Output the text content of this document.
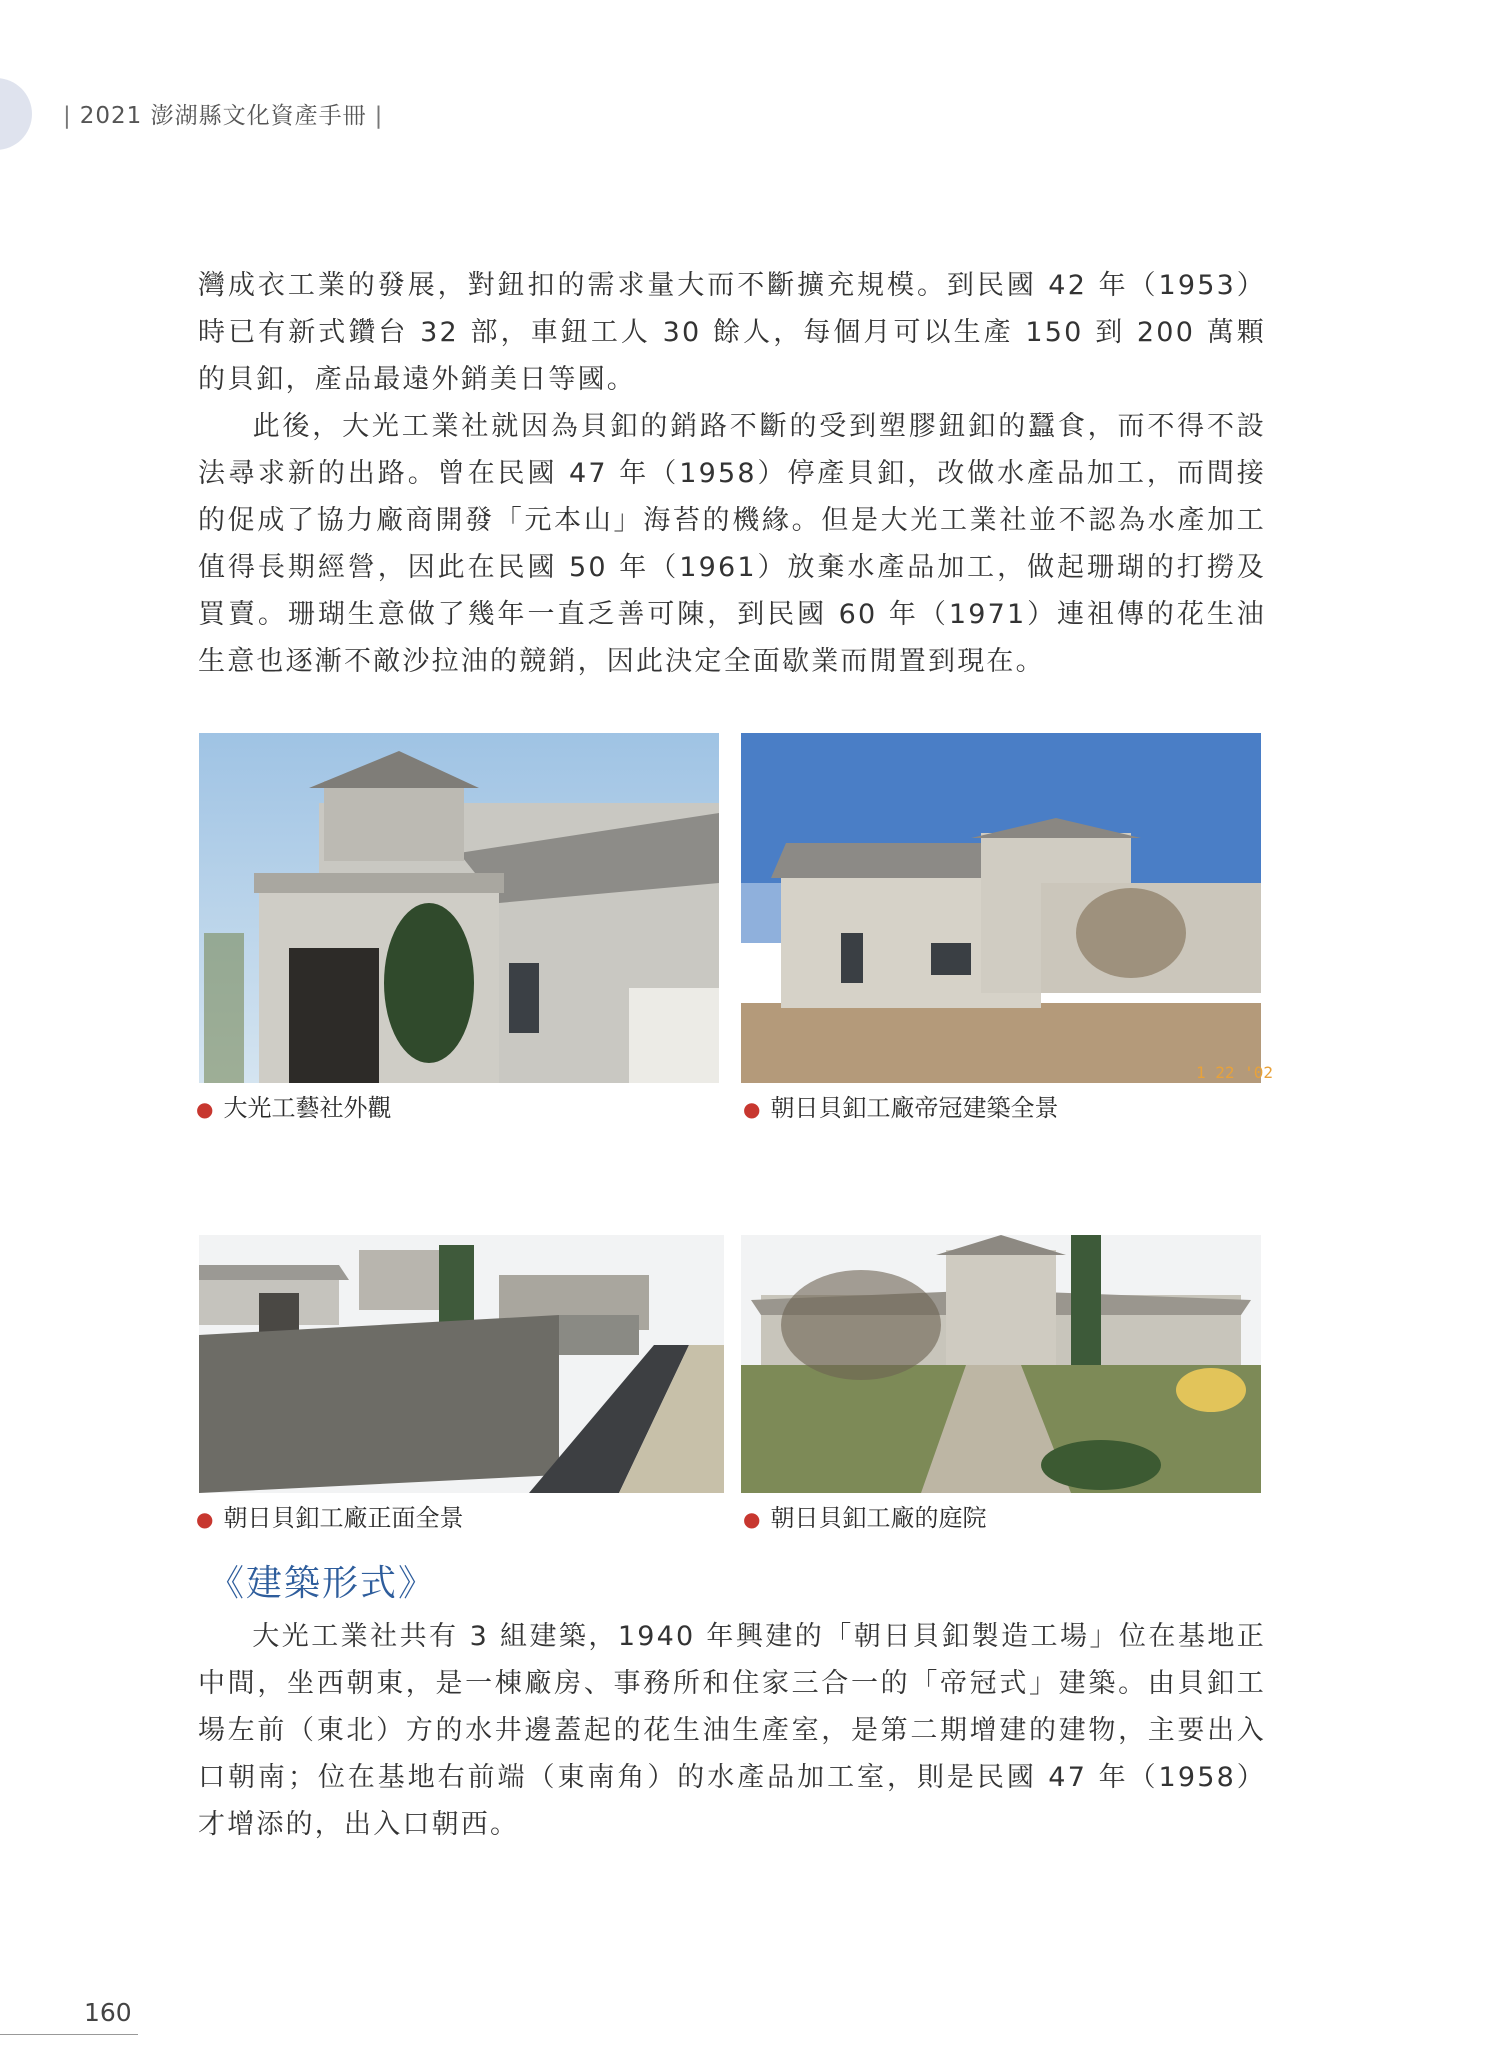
| 2021 澎湖縣文化資產手冊 |

灣成衣工業的發展，對鈕扣的需求量大而不斷擴充規模。到民國 42 年（1953）時已有新式鑽台 32 部，車鈕工人 30 餘人，每個月可以生產 150 到 200 萬顆的貝釦，產品最遠外銷美日等國。

此後，大光工業社就因為貝釦的銷路不斷的受到塑膠鈕釦的蠶食，而不得不設法尋求新的出路。曾在民國 47 年（1958）停產貝釦，改做水產品加工，而間接的促成了協力廠商開發「元本山」海苔的機緣。但是大光工業社並不認為水產加工值得長期經營，因此在民國 50 年（1961）放棄水產品加工，做起珊瑚的打撈及買賣。珊瑚生意做了幾年一直乏善可陳，到民國 60 年（1971）連祖傳的花生油生意也逐漸不敵沙拉油的競銷，因此決定全面歇業而閒置到現在。

● 大光工藝社外觀
1 22 '02
● 朝日貝釦工廠帝冠建築全景
● 朝日貝釦工廠正面全景	● 朝日貝釦工廠的庭院
《建築形式》

大光工業社共有 3 組建築，1940 年興建的「朝日貝釦製造工場」位在基地正中間，坐西朝東，是一棟廠房、事務所和住家三合一的「帝冠式」建築。由貝釦工場左前（東北）方的水井邊蓋起的花生油生產室，是第二期增建的建物，主要出入口朝南；位在基地右前端（東南角）的水產品加工室，則是民國 47 年（1958）才增添的，出入口朝西。

160
